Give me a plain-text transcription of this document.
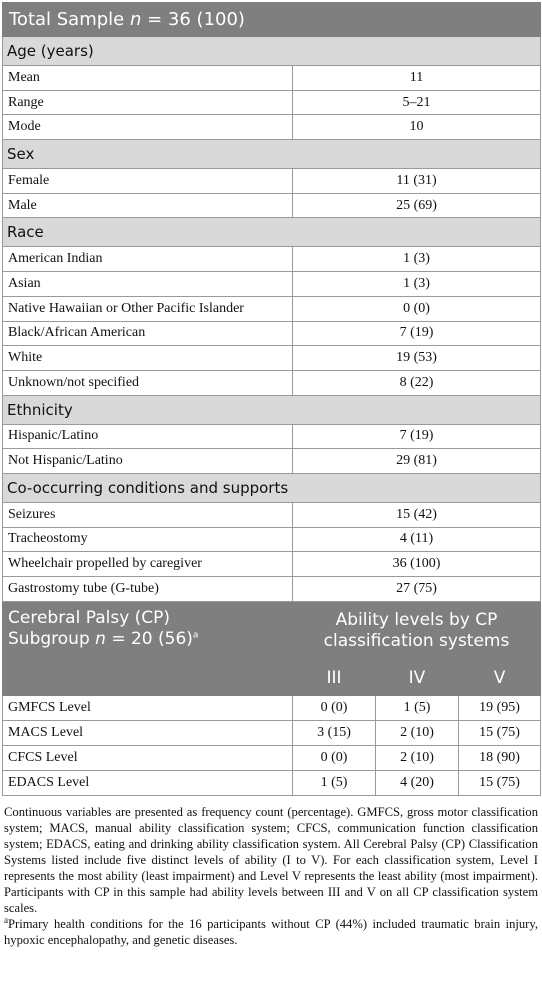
Total Sample n = 36 (100)			
Age (years)			
Mean	11		
Range	5–21		
Mode	10		
Sex			
Female	11 (31)		
Male	25 (69)		
Race			
American Indian	1 (3)		
Asian	1 (3)		
Native Hawaiian or Other Pacific Islander	0 (0)		
Black/African American	7 (19)		
White	19 (53)		
Unknown/not specified	8 (22)		
Ethnicity			
Hispanic/Latino	7 (19)		
Not Hispanic/Latino	29 (81)		
Co-occurring conditions and supports			
Seizures	15 (42)		
Tracheostomy	4 (11)		
Wheelchair propelled by caregiver	36 (100)		
Gastrostomy tube (G-tube)	27 (75)		
Cerebral Palsy (CP)
Subgroup n = 20 $(56)^a$	Ability levels by CP classification systems		
	III	IV	V
GMFCS Level	0 (0)	1 (5)	19 (95)
MACS Level	3 (15)	2 (10)	15 (75)
CFCS Level	0 (0)	2 (10)	18 (90)
EDACS Level	1 (5)	4 (20)	15 (75)

Continuous variables are presented as frequency count (percentage). GMFCS, gross motor classification system; MACS, manual ability classification system; CFCS, communication function classification system; EDACS, eating and drinking ability classification system. All Cerebral Palsy (CP) Classification Systems listed include five distinct levels of ability (I to V). For each classification system, Level I represents the most ability (least impairment) and Level V represents the least ability (most impairment). Participants with CP in this sample had ability levels between III and V on all CP classification system scales.

$^a$Primary health conditions for the 16 participants without CP (44%) included traumatic brain injury, hypoxic encephalopathy, and genetic diseases.
